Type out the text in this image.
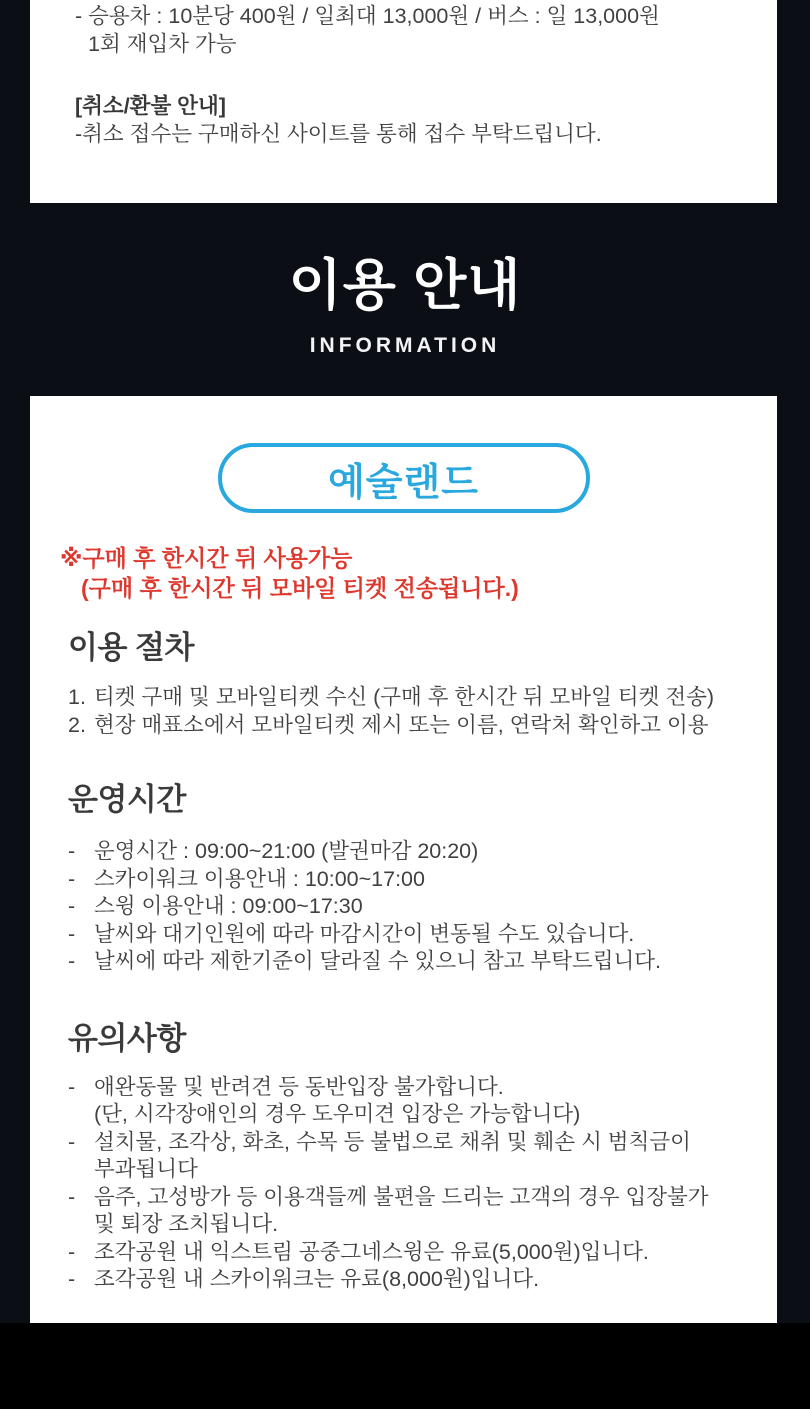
- 승용차 : 10분당 400원 / 일최대 13,000원 / 버스 : 일 13,000원

1회 재입차 가능

[취소/환불 안내]

-취소 접수는 구매하신 사이트를 통해 접수 부탁드립니다.

이용 안내

INFORMATION

예술랜드
※구매 후 한시간 뒤 사용가능
(구매 후 한시간 뒤 모바일 티켓 전송됩니다.)

이용 절차

1. 티켓 구매 및 모바일티켓 수신 (구매 후 한시간 뒤 모바일 티켓 전송)
2. 현장 매표소에서 모바일티켓 제시 또는 이름, 연락처 확인하고 이용

운영시간

- 운영시간 : 09:00~21:00 (발권마감 20:20)
- 스카이워크 이용안내 : 10:00~17:00
- 스윙 이용안내 : 09:00~17:30
- 날씨와 대기인원에 따라 마감시간이 변동될 수도 있습니다.
- 날씨에 따라 제한기준이 달라질 수 있으니 참고 부탁드립니다.

유의사항

- 애완동물 및 반려견 등 동반입장 불가합니다.
(단, 시각장애인의 경우 도우미견 입장은 가능합니다)
- 설치물, 조각상, 화초, 수목 등 불법으로 채취 및 훼손 시 범칙금이
부과됩니다
- 음주, 고성방가 등 이용객들께 불편을 드리는 고객의 경우 입장불가
및 퇴장 조치됩니다.
- 조각공원 내 익스트림 공중그네스윙은 유료(5,000원)입니다.
- 조각공원 내 스카이워크는 유료(8,000원)입니다.
